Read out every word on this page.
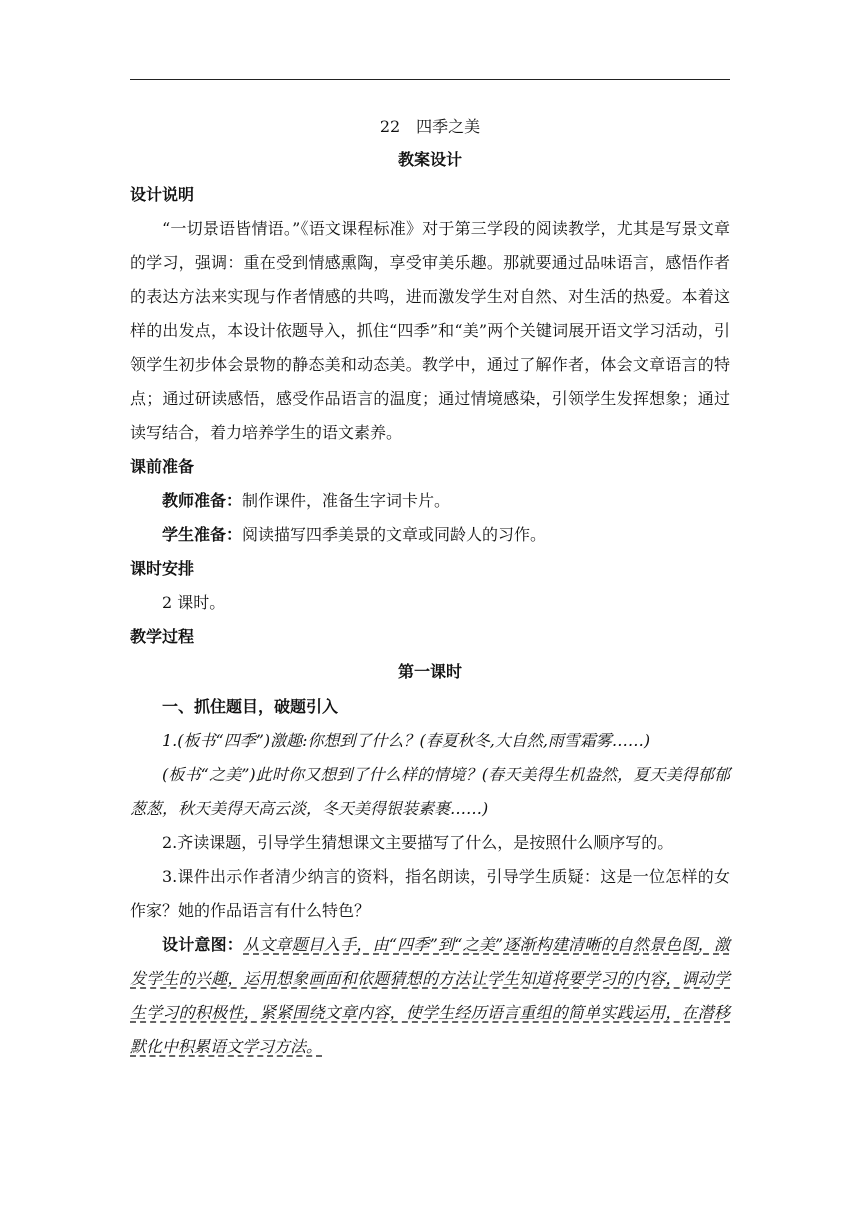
22　四季之美
教案设计
设计说明
“一切景语皆情语。”《语文课程标准》对于第三学段的阅读教学，尤其是写景文章的学习，强调：重在受到情感熏陶，享受审美乐趣。那就要通过品味语言，感悟作者的表达方法来实现与作者情感的共鸣，进而激发学生对自然、对生活的热爱。本着这样的出发点，本设计依题导入，抓住“四季”和“美”两个关键词展开语文学习活动，引领学生初步体会景物的静态美和动态美。教学中，通过了解作者，体会文章语言的特点；通过研读感悟，感受作品语言的温度；通过情境感染，引领学生发挥想象；通过读写结合，着力培养学生的语文素养。
课前准备
教师准备：制作课件，准备生字词卡片。
学生准备：阅读描写四季美景的文章或同龄人的习作。
课时安排
2 课时。
教学过程
第一课时
一、抓住题目，破题引入
1.(板书“四季”)激趣:你想到了什么？(春夏秋冬,大自然,雨雪霜雾……)
(板书“之美”)此时你又想到了什么样的情境？(春天美得生机盎然，夏天美得郁郁葱葱，秋天美得天高云淡，冬天美得银装素裹……)
2.齐读课题，引导学生猜想课文主要描写了什么，是按照什么顺序写的。
3.课件出示作者清少纳言的资料，指名朗读，引导学生质疑：这是一位怎样的女作家？她的作品语言有什么特色？
设计意图：从文章题目入手，由“四季”到“之美”逐渐构建清晰的自然景色图，激发学生的兴趣，运用想象画面和依题猜想的方法让学生知道将要学习的内容，调动学生学习的积极性，紧紧围绕文章内容，使学生经历语言重组的简单实践运用，在潜移默化中积累语文学习方法。
